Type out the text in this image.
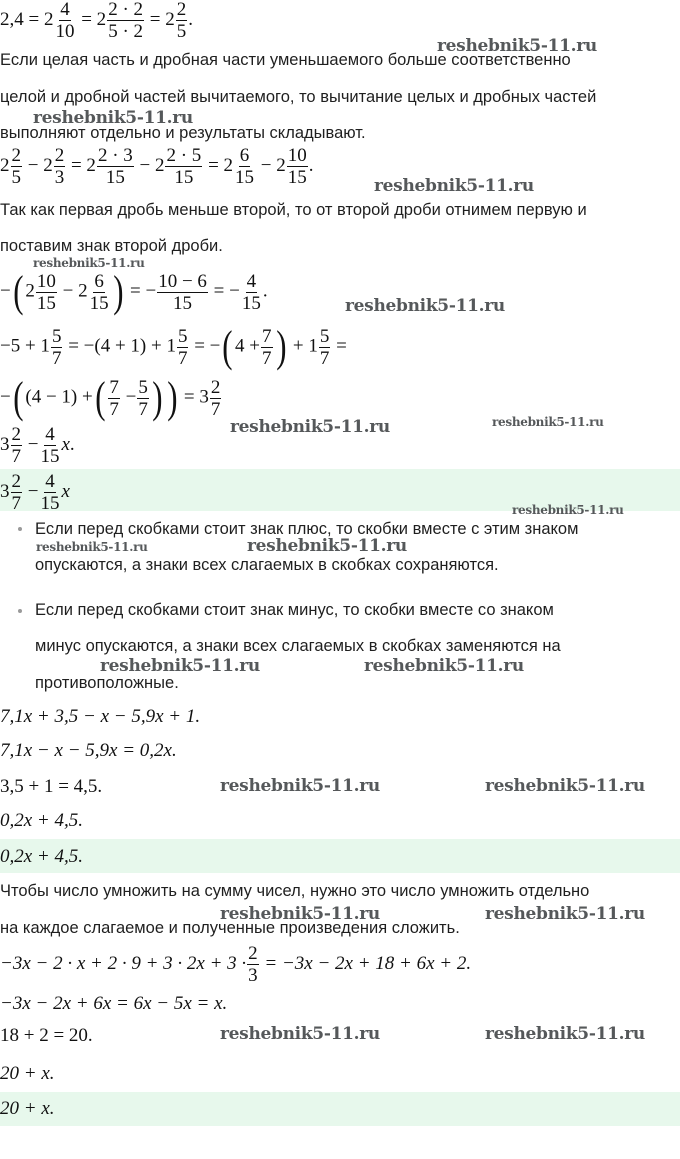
$2,4 = 2 \frac{4}{10} = 2 \frac{2 \cdot 2}{5 \cdot 2} = 2 \frac{2}{5}$ .
Если целая часть и дробная части уменьшаемого больше соответственно
целой и дробной частей вычитаемого, то вычитание целых и дробных частей
выполняют отдельно и результаты складывают.
$2 \frac{2}{5} - 2 \frac{2}{3} = 2 \frac{2 \cdot 3}{15} - 2 \frac{2 \cdot 5}{15} = 2 \frac{6}{15} - 2 \frac{10}{15}$ .
Так как первая дробь меньше второй, то от второй дроби отнимем первую и
поставим знак второй дроби.
−( $2 \frac{10}{15} - 2 \frac{6}{15}$ ) = − $\frac{10 - 6}{15}$ = − $\frac{4}{15}$ .
$-5 + 1 \frac{5}{7} = -(4 + 1) + 1 \frac{5}{7}$ = −( $4 + \frac{7}{7}$ ) + $1 \frac{5}{7}$ =
−( (4 − 1) +( $\frac{7}{7} - \frac{5}{7}$ )) = $3 \frac{2}{7}$
$3 \frac{2}{7} - \frac{4}{15} x$.
$3 \frac{2}{7} - \frac{4}{15}$ x
Если перед скобками стоит знак плюс, то скобки вместе с этим знаком
опускаются, а знаки всех слагаемых в скобках сохраняются.
Если перед скобками стоит знак минус, то скобки вместе со знаком
минус опускаются, а знаки всех слагаемых в скобках заменяются на
противоположные.
7,1x + 3,5 − x − 5,9x + 1.
7,1x − x − 5,9x = 0,2x.
3,5 + 1 = 4,5.
0,2x + 4,5.
0,2x + 4,5.
Чтобы число умножить на сумму чисел, нужно это число умножить отдельно
на каждое слагаемое и полученные произведения сложить.
$-3x - 2 \cdot x + 2 \cdot 9 + 3 \cdot 2x + 3 \cdot \frac{2}{3} = -3x - 2x + 18 + 6x + 2$.
−3x − 2x + 6x = 6x − 5x = x.
18 + 2 = 20.
20 + x.
20 + x.
reshebnik5-11.ru
reshebnik5-11.ru
reshebnik5-11.ru
reshebnik5-11.ru
reshebnik5-11.ru
reshebnik5-11.ru	reshebnik5-11.ru
reshebnik5-11.ru
reshebnik5-11.ru	reshebnik5-11.ru
reshebnik5-11.ru	reshebnik5-11.ru
reshebnik5-11.ru	reshebnik5-11.ru
reshebnik5-11.ru	reshebnik5-11.ru
reshebnik5-11.ru	reshebnik5-11.ru
